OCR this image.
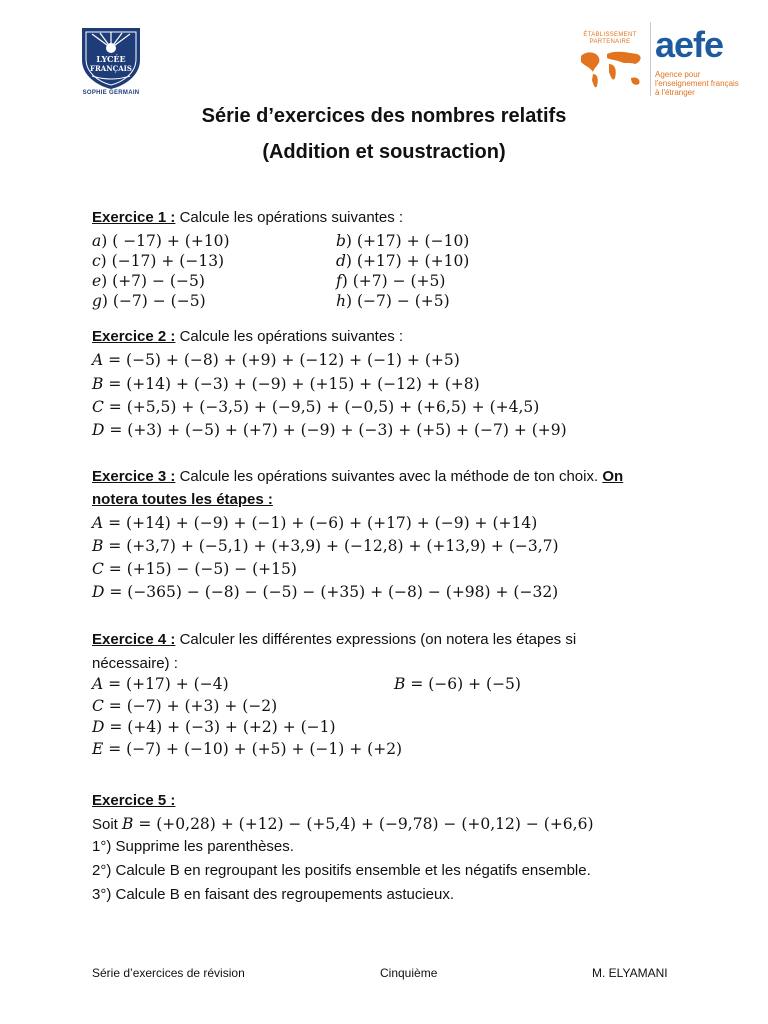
LYCÉE
FRANÇAIS
SOPHIE GERMAIN
ÉTABLISSEMENT
PARTENAIRE aefe
Agence pour
l'enseignement français
à l'étranger
Série d’exercices des nombres relatifs
(Addition et soustraction)
Exercice 1 : Calcule les opérations suivantes :
𝑎) ( −17) + (+10)	𝑏) (+17) + (−10)
𝑐) (−17) + (−13)	𝑑) (+17) + (+10)
𝑒) (+7) − (−5)	𝑓) (+7) − (+5)
𝑔) (−7) − (−5)	ℎ) (−7) − (+5)
Exercice 2 : Calcule les opérations suivantes :
𝐴 = (−5) + (−8) + (+9) + (−12) + (−1) + (+5)
𝐵 = (+14) + (−3) + (−9) + (+15) + (−12) + (+8)
𝐶 = (+5,5) + (−3,5) + (−9,5) + (−0,5) + (+6,5) + (+4,5)
𝐷 = (+3) + (−5) + (+7) + (−9) + (−3) + (+5) + (−7) + (+9)
Exercice 3 : Calcule les opérations suivantes avec la méthode de ton choix. On
notera toutes les étapes :
𝐴 = (+14) + (−9) + (−1) + (−6) + (+17) + (−9) + (+14)
𝐵 = (+3,7) + (−5,1) + (+3,9) + (−12,8) + (+13,9) + (−3,7)
𝐶 = (+15) − (−5) − (+15)
𝐷 = (−365) − (−8) − (−5) − (+35) + (−8) − (+98) + (−32)
Exercice 4 : Calculer les différentes expressions (on notera les étapes si
nécessaire) :
𝐴 = (+17) + (−4)	𝐵 = (−6) + (−5)
𝐶 = (−7) + (+3) + (−2)
𝐷 = (+4) + (−3) + (+2) + (−1)
𝐸 = (−7) + (−10) + (+5) + (−1) + (+2)
Exercice 5 :
Soit 𝐵 = (+0,28) + (+12) − (+5,4) + (−9,78) − (+0,12) − (+6,6)
1°) Supprime les parenthèses.
2°) Calcule B en regroupant les positifs ensemble et les négatifs ensemble.
3°) Calcule B en faisant des regroupements astucieux.
Série d’exercices de révision	Cinquième	M. ELYAMANI
